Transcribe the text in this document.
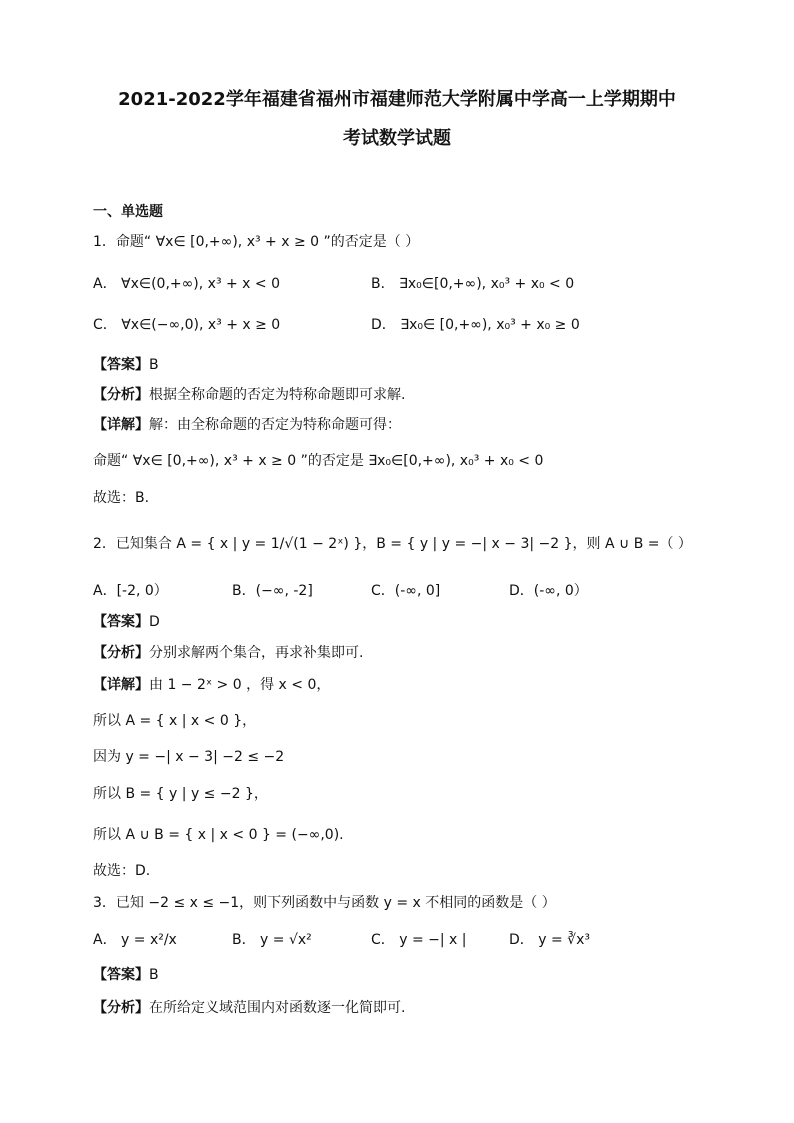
2021-2022学年福建省福州市福建师范大学附属中学高一上学期期中
考试数学试题
一、单选题
1．命题“ ∀x∈ [0,+∞), x³ + x ≥ 0 ”的否定是（ ）
A． ∀x∈(0,+∞), x³ + x < 0	B． ∃x₀∈[0,+∞), x₀³ + x₀ < 0
C． ∀x∈(−∞,0), x³ + x ≥ 0	D． ∃x₀∈ [0,+∞), x₀³ + x₀ ≥ 0
【答案】B
【分析】根据全称命题的否定为特称命题即可求解.
【详解】解：由全称命题的否定为特称命题可得：
命题“ ∀x∈ [0,+∞), x³ + x ≥ 0 ”的否定是 ∃x₀∈[0,+∞), x₀³ + x₀ < 0
故选：B.
2．已知集合 A = { x | y = 1/√(1 − 2ˣ) }，B = { y | y = −| x − 3| −2 }，则 A ∪ B =（ ）
A．[-2, 0）	B．(−∞, -2]	C．(-∞, 0]	D．(-∞, 0）
【答案】D
【分析】分别求解两个集合，再求补集即可.
【详解】由 1 − 2ˣ > 0 ，得 x < 0，
所以 A = { x | x < 0 }，
因为 y = −| x − 3| −2 ≤ −2
所以 B = { y | y ≤ −2 }，
所以 A ∪ B = { x | x < 0 } = (−∞,0).
故选：D.
3．已知 −2 ≤ x ≤ −1，则下列函数中与函数 y = x 不相同的函数是（ ）
A． y = x²/x	B． y = √x²	C． y = −| x |	D． y = ∛x³
【答案】B
【分析】在所给定义域范围内对函数逐一化简即可.
